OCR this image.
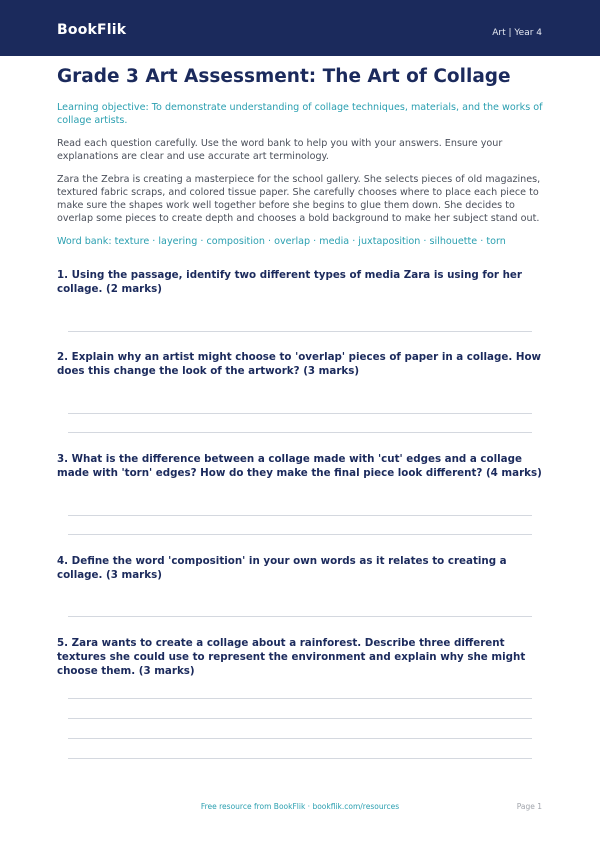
BookFlik	Art | Year 4
Grade 3 Art Assessment: The Art of Collage

Learning objective: To demonstrate understanding of collage techniques, materials, and the works of collage artists.

Read each question carefully. Use the word bank to help you with your answers. Ensure your explanations are clear and use accurate art terminology.

Zara the Zebra is creating a masterpiece for the school gallery. She selects pieces of old magazines, textured fabric scraps, and colored tissue paper. She carefully chooses where to place each piece to make sure the shapes work well together before she begins to glue them down. She decides to overlap some pieces to create depth and chooses a bold background to make her subject stand out.

Word bank: texture · layering · composition · overlap · media · juxtaposition · silhouette · torn

1. Using the passage, identify two different types of media Zara is using for her collage. (2 marks)

2. Explain why an artist might choose to 'overlap' pieces of paper in a collage. How does this change the look of the artwork? (3 marks)

3. What is the difference between a collage made with 'cut' edges and a collage made with 'torn' edges? How do they make the final piece look different? (4 marks)

4. Define the word 'composition' in your own words as it relates to creating a collage. (3 marks)

5. Zara wants to create a collage about a rainforest. Describe three different textures she could use to represent the environment and explain why she might choose them. (3 marks)

Free resource from BookFlik · bookflik.com/resources	Page 1
